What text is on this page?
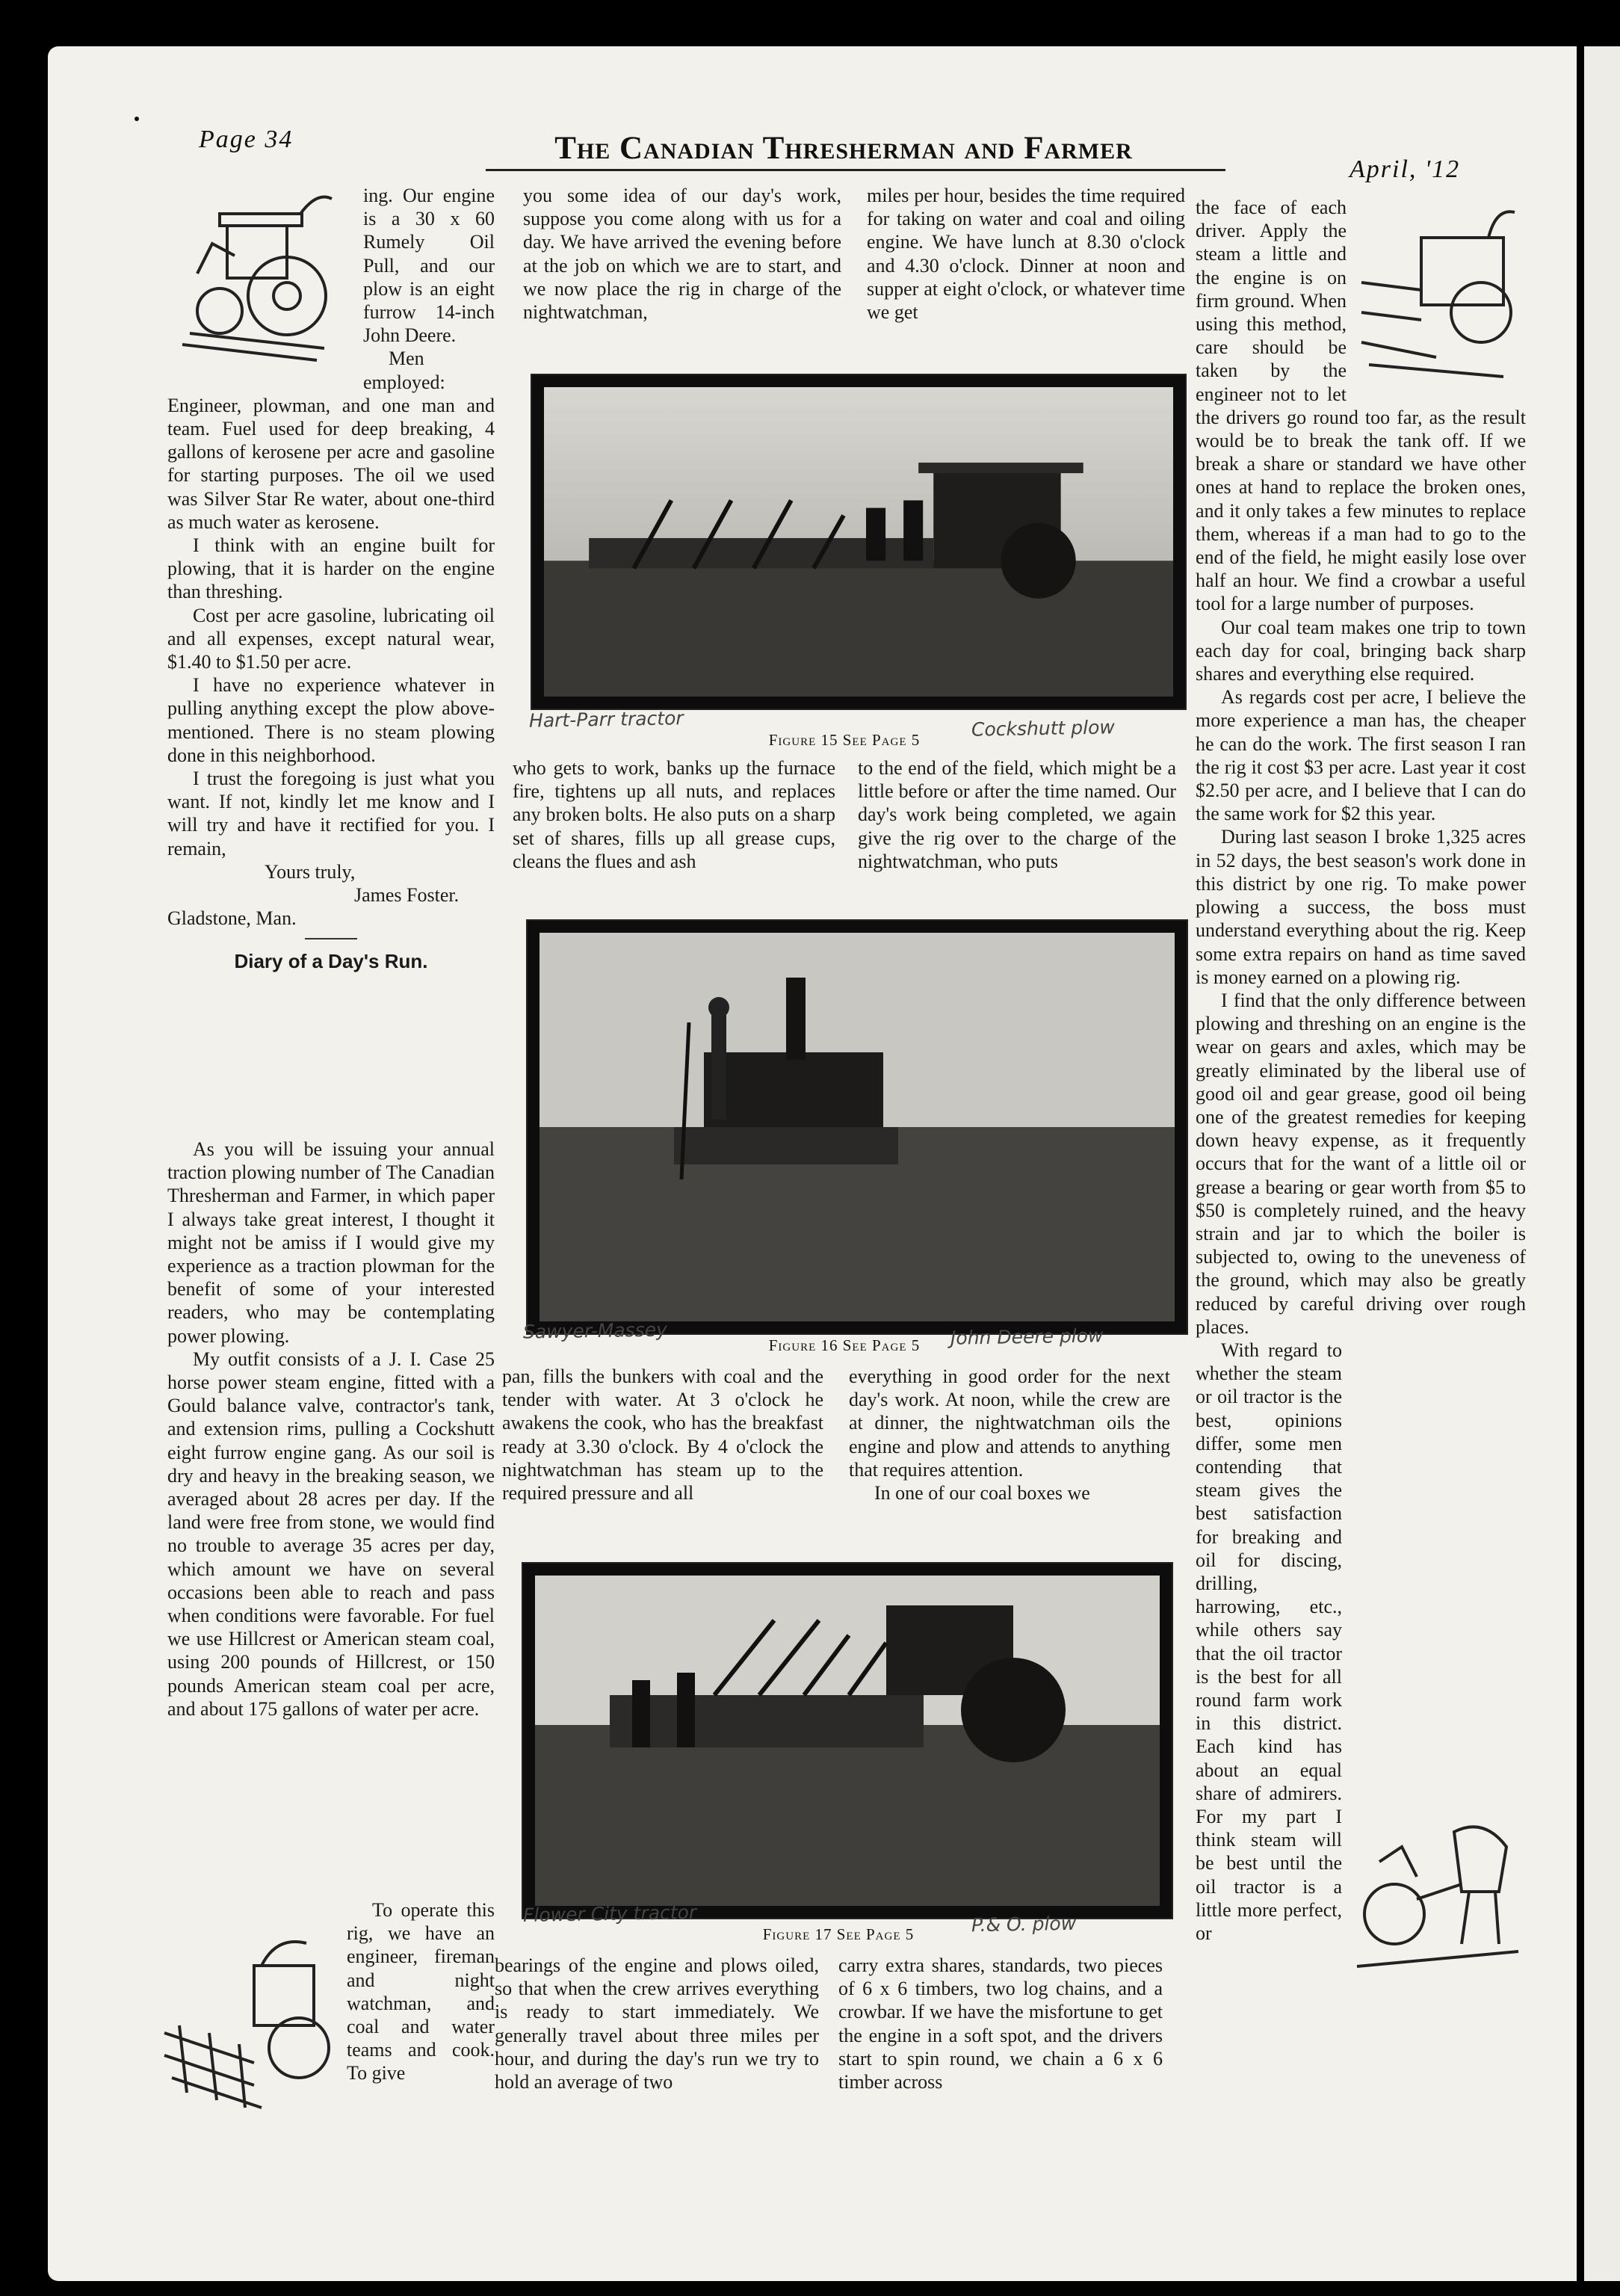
Page 34	The Canadian Thresherman and Farmer
April, '12

ing. Our engine is a 30 x 60 Rumely Oil Pull, and our plow is an eight furrow 14-inch John Deere.

Men employed: Engineer, plowman, and one man and team. Fuel used for deep breaking, 4 gallons of kerosene per acre and gasoline for starting purposes. The oil we used was Silver Star Re water, about one-third as much water as kerosene.

I think with an engine built for plowing, that it is harder on the engine than threshing.

Cost per acre gasoline, lubricating oil and all expenses, except natural wear, $1.40 to $1.50 per acre.

I have no experience whatever in pulling anything except the plow above-mentioned. There is no steam plowing done in this neighborhood.

I trust the foregoing is just what you want. If not, kindly let me know and I will try and have it rectified for you. I remain,

Yours truly,

James Foster.

Gladstone, Man.

Diary of a Day's Run.

As you will be issuing your annual traction plowing number of The Canadian Thresherman and Farmer, in which paper I always take great interest, I thought it might not be amiss if I would give my experience as a traction plowman for the benefit of some of your interested readers, who may be contemplating power plowing.

My outfit consists of a J. I. Case 25 horse power steam engine, fitted with a Gould balance valve, contractor's tank, and extension rims, pulling a Cockshutt eight furrow engine gang. As our soil is dry and heavy in the breaking season, we averaged about 28 acres per day. If the land were free from stone, we would find no trouble to average 35 acres per day, which amount we have on several occasions been able to reach and pass when conditions were favorable. For fuel we use Hillcrest or American steam coal, using 200 pounds of Hillcrest, or 150 pounds American steam coal per acre, and about 175 gallons of water per acre.

To operate this rig, we have an engineer, fireman and night watchman, and coal and water teams and cook. To give

you some idea of our day's work, suppose you come along with us for a day. We have arrived the evening before at the job on which we are to start, and we now place the rig in charge of the nightwatchman,

miles per hour, besides the time required for taking on water and coal and oiling engine. We have lunch at 8.30 o'clock and 4.30 o'clock. Dinner at noon and supper at eight o'clock, or whatever time we get

Figure 15 See Page 5
Hart-Parr tractor	Cockshutt plow

who gets to work, banks up the furnace fire, tightens up all nuts, and replaces any broken bolts. He also puts on a sharp set of shares, fills up all grease cups, cleans the flues and ash

to the end of the field, which might be a little before or after the time named. Our day's work being completed, we again give the rig over to the charge of the nightwatchman, who puts

Figure 16 See Page 5
Sawyer-Massey	John Deere plow

pan, fills the bunkers with coal and the tender with water. At 3 o'clock he awakens the cook, who has the breakfast ready at 3.30 o'clock. By 4 o'clock the nightwatchman has steam up to the required pressure and all

everything in good order for the next day's work. At noon, while the crew are at dinner, the nightwatchman oils the engine and plow and attends to anything that requires attention.

In one of our coal boxes we

Figure 17 See Page 5
Flower City tractor	P.& O. plow

bearings of the engine and plows oiled, so that when the crew arrives everything is ready to start immediately. We generally travel about three miles per hour, and during the day's run we try to hold an average of two

carry extra shares, standards, two pieces of 6 x 6 timbers, two log chains, and a crowbar. If we have the misfortune to get the engine in a soft spot, and the drivers start to spin round, we chain a 6 x 6 timber across

the face of each driver. Apply the steam a little and the engine is on firm ground. When using this method, care should be taken by the engineer not to let the drivers go round too far, as the result would be to break the tank off. If we break a share or standard we have other ones at hand to replace the broken ones, and it only takes a few minutes to replace them, whereas if a man had to go to the end of the field, he might easily lose over half an hour. We find a crowbar a useful tool for a large number of purposes.

Our coal team makes one trip to town each day for coal, bringing back sharp shares and everything else required.

As regards cost per acre, I believe the more experience a man has, the cheaper he can do the work. The first season I ran the rig it cost $3 per acre. Last year it cost $2.50 per acre, and I believe that I can do the same work for $2 this year.

During last season I broke 1,325 acres in 52 days, the best season's work done in this district by one rig. To make power plowing a success, the boss must understand everything about the rig. Keep some extra repairs on hand as time saved is money earned on a plowing rig.

I find that the only difference between plowing and threshing on an engine is the wear on gears and axles, which may be greatly eliminated by the liberal use of good oil and gear grease, good oil being one of the greatest remedies for keeping down heavy expense, as it frequently occurs that for the want of a little oil or grease a bearing or gear worth from $5 to $50 is completely ruined, and the heavy strain and jar to which the boiler is subjected to, owing to the uneveness of the ground, which may also be greatly reduced by careful driving over rough places.

With regard to whether the steam or oil tractor is the best, opinions differ, some men contending that steam gives the best satisfaction for breaking and oil for discing, drilling, harrowing, etc., while others say that the oil tractor is the best for all round farm work in this district. Each kind has about an equal share of admirers. For my part I think steam will be best until the oil tractor is a little more perfect, or
